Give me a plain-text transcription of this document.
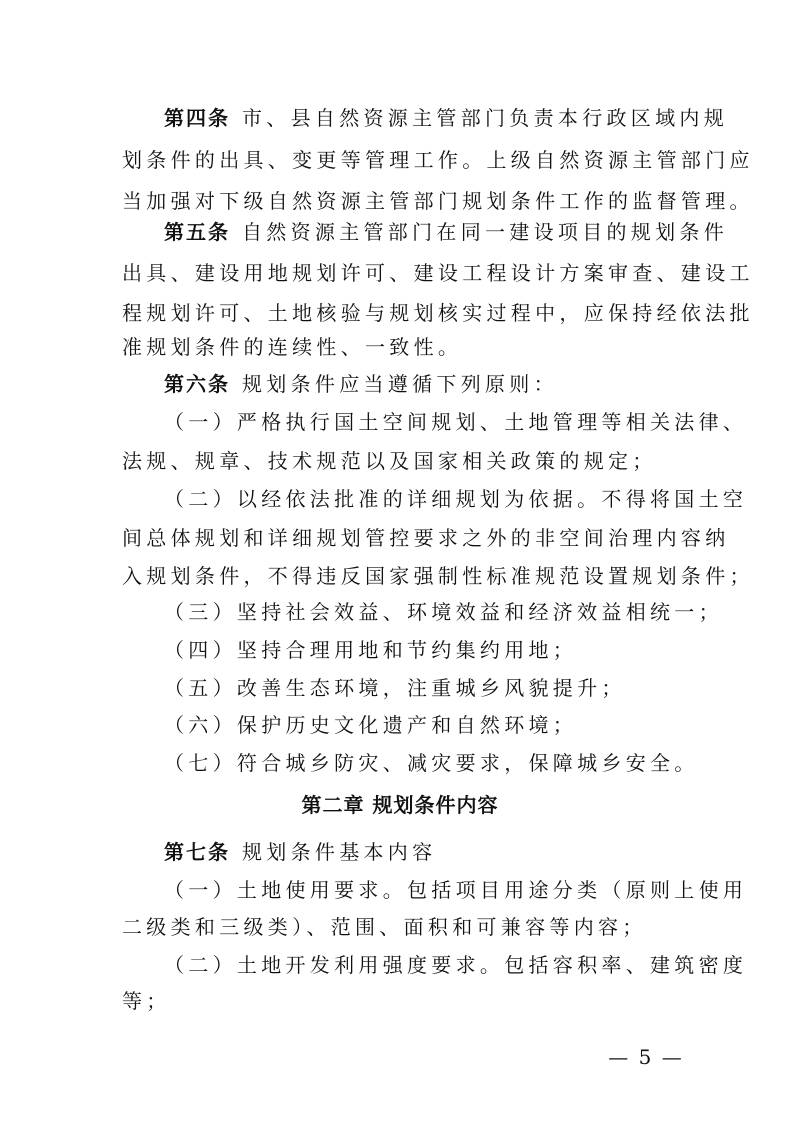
第四条 市、县自然资源主管部门负责本行政区域内规
划条件的出具、变更等管理工作。上级自然资源主管部门应
当加强对下级自然资源主管部门规划条件工作的监督管理。
第五条 自然资源主管部门在同一建设项目的规划条件
出具、建设用地规划许可、建设工程设计方案审查、建设工
程规划许可、土地核验与规划核实过程中，应保持经依法批
准规划条件的连续性、一致性。
第六条 规划条件应当遵循下列原则：
（一）严格执行国土空间规划、土地管理等相关法律、
法规、规章、技术规范以及国家相关政策的规定；
（二）以经依法批准的详细规划为依据。不得将国土空
间总体规划和详细规划管控要求之外的非空间治理内容纳
入规划条件，不得违反国家强制性标准规范设置规划条件；
（三）坚持社会效益、环境效益和经济效益相统一；
（四）坚持合理用地和节约集约用地；
（五）改善生态环境，注重城乡风貌提升；
（六）保护历史文化遗产和自然环境；
（七）符合城乡防灾、减灾要求，保障城乡安全。
第二章 规划条件内容
第七条 规划条件基本内容
（一）土地使用要求。包括项目用途分类（原则上使用
二级类和三级类）、范围、面积和可兼容等内容；
（二）土地开发利用强度要求。包括容积率、建筑密度
等；
— 5 —
